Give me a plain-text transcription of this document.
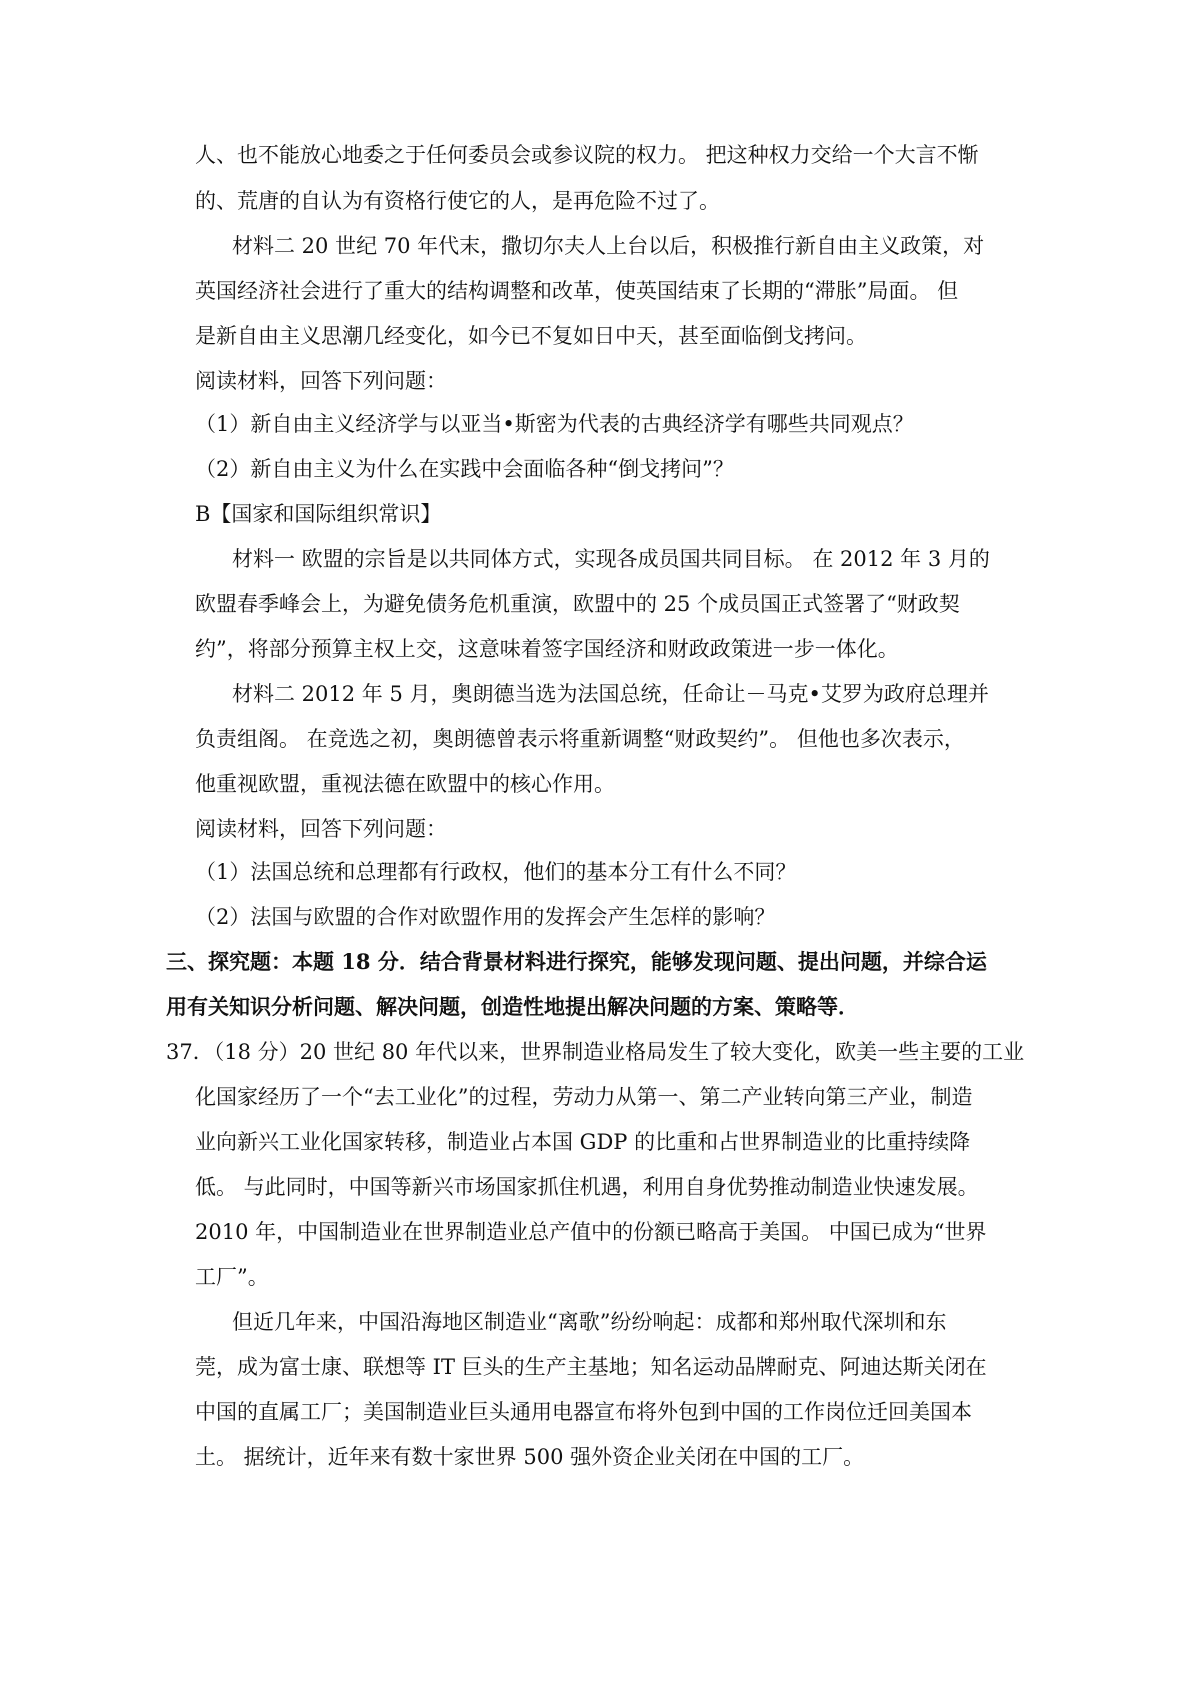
人、也不能放心地委之于任何委员会或参议院的权力。 把这种权力交给一个大言不惭
的、荒唐的自认为有资格行使它的人，是再危险不过了。
材料二 20 世纪 70 年代末，撒切尔夫人上台以后，积极推行新自由主义政策，对
英国经济社会进行了重大的结构调整和改革，使英国结束了长期的“滞胀”局面。 但
是新自由主义思潮几经变化，如今已不复如日中天，甚至面临倒戈拷问。
阅读材料，回答下列问题：
（1）新自由主义经济学与以亚当•斯密为代表的古典经济学有哪些共同观点？
（2）新自由主义为什么在实践中会面临各种“倒戈拷问”？
B【国家和国际组织常识】
材料一 欧盟的宗旨是以共同体方式，实现各成员国共同目标。 在 2012 年 3 月的
欧盟春季峰会上，为避免债务危机重演，欧盟中的 25 个成员国正式签署了“财政契
约”，将部分预算主权上交，这意味着签字国经济和财政政策进一步一体化。
材料二 2012 年 5 月，奥朗德当选为法国总统，任命让－马克•艾罗为政府总理并
负责组阁。 在竞选之初，奥朗德曾表示将重新调整“财政契约”。 但他也多次表示，
他重视欧盟，重视法德在欧盟中的核心作用。
阅读材料，回答下列问题：
（1）法国总统和总理都有行政权，他们的基本分工有什么不同？
（2）法国与欧盟的合作对欧盟作用的发挥会产生怎样的影响？
三、探究题：本题 18 分．结合背景材料进行探究，能够发现问题、提出问题，并综合运
用有关知识分析问题、解决问题，创造性地提出解决问题的方案、策略等．
37．（18 分）20 世纪 80 年代以来，世界制造业格局发生了较大变化，欧美一些主要的工业
化国家经历了一个“去工业化”的过程，劳动力从第一、第二产业转向第三产业，制造
业向新兴工业化国家转移，制造业占本国 GDP 的比重和占世界制造业的比重持续降
低。 与此同时，中国等新兴市场国家抓住机遇，利用自身优势推动制造业快速发展。
2010 年，中国制造业在世界制造业总产值中的份额已略高于美国。 中国已成为“世界
工厂”。
但近几年来，中国沿海地区制造业“离歌”纷纷响起：成都和郑州取代深圳和东
莞，成为富士康、联想等 IT 巨头的生产主基地；知名运动品牌耐克、阿迪达斯关闭在
中国的直属工厂；美国制造业巨头通用电器宣布将外包到中国的工作岗位迁回美国本
土。 据统计，近年来有数十家世界 500 强外资企业关闭在中国的工厂。
